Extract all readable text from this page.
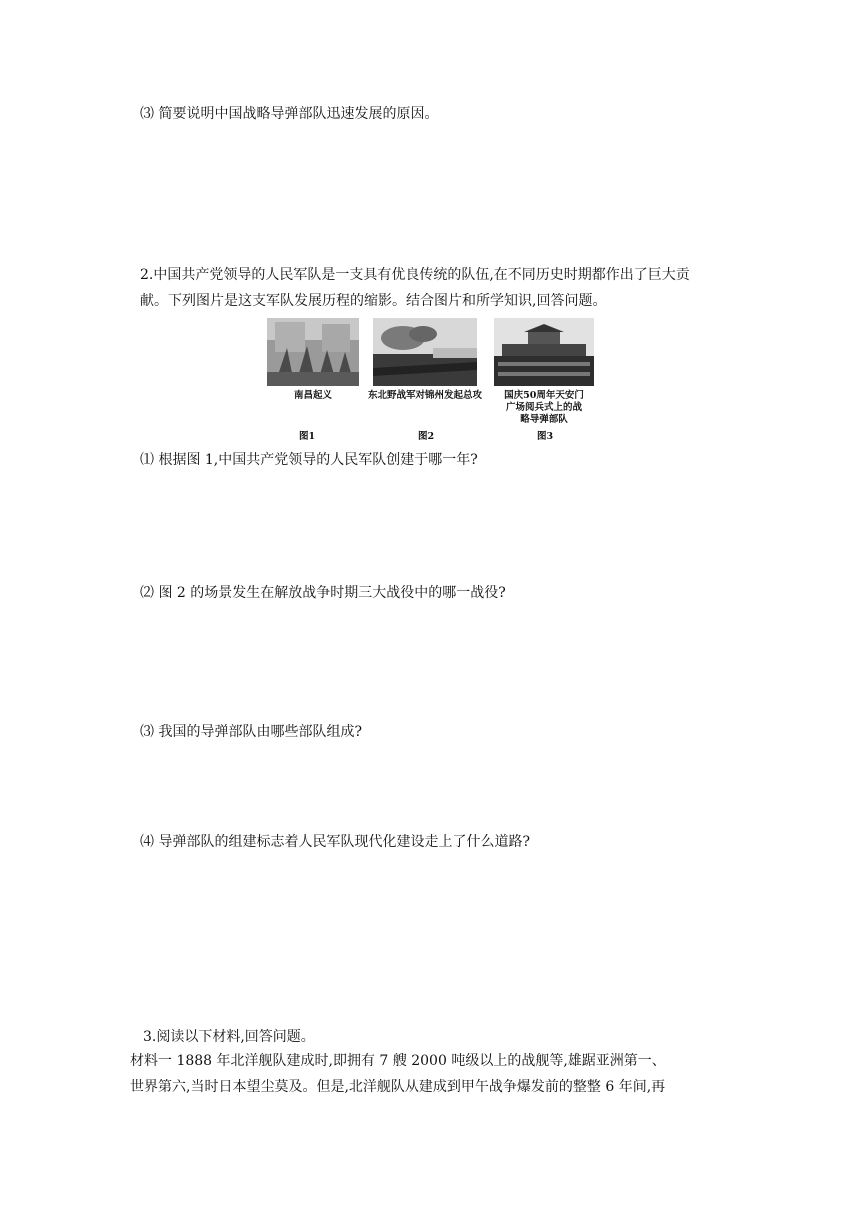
⑶ 简要说明中国战略导弹部队迅速发展的原因。
2.中国共产党领导的人民军队是一支具有优良传统的队伍,在不同历史时期都作出了巨大贡
献。下列图片是这支军队发展历程的缩影。结合图片和所学知识,回答问题。
南昌起义	东北野战军对锦州发起总攻	国庆50周年天安门
广场阅兵式上的战
略导弹部队
图1	图2	图3
⑴ 根据图 1,中国共产党领导的人民军队创建于哪一年?
⑵ 图 2 的场景发生在解放战争时期三大战役中的哪一战役?
⑶ 我国的导弹部队由哪些部队组成?
⑷ 导弹部队的组建标志着人民军队现代化建设走上了什么道路?
3.阅读以下材料,回答问题。
材料一 1888 年北洋舰队建成时,即拥有 7 艘 2000 吨级以上的战舰等,雄踞亚洲第一、
世界第六,当时日本望尘莫及。但是,北洋舰队从建成到甲午战争爆发前的整整 6 年间,再
